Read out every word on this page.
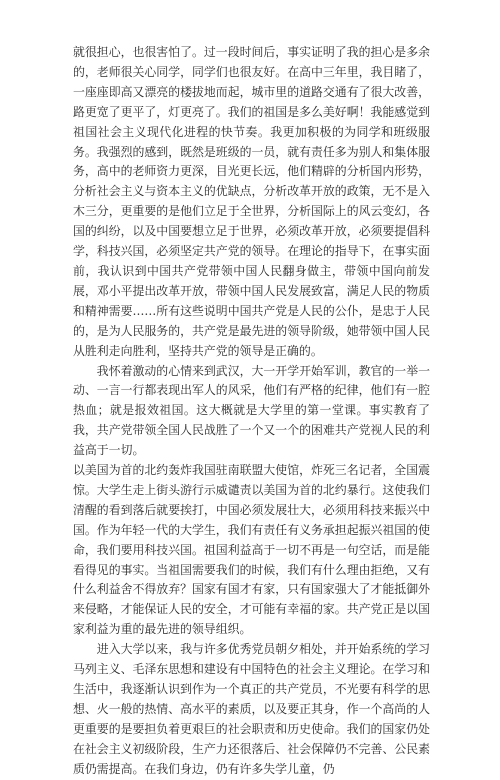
就很担心，也很害怕了。过一段时间后，事实证明了我的担心是多余的，老师很关心同学，同学们也很友好。在高中三年里，我目睹了，一座座即高又漂亮的楼拔地而起，城市里的道路交通有了很大改善，路更宽了更平了，灯更亮了。我们的祖国是多么美好啊！我能感觉到祖国社会主义现代化进程的快节奏。我更加积极的为同学和班级服务。我强烈的感到，既然是班级的一员，就有责任多为别人和集体服务，高中的老师资力更深，目光更长远，他们精辟的分析国内形势，分析社会主义与资本主义的优缺点，分析改革开放的政策，无不是入木三分，更重要的是他们立足于全世界，分析国际上的风云变幻，各国的纠纷，以及中国要想立足于世界，必须改革开放，必须要提倡科学，科技兴国，必须坚定共产党的领导。在理论的指导下，在事实面前，我认识到中国共产党带领中国人民翻身做主，带领中国向前发展，邓小平提出改革开放，带领中国人民发展致富，满足人民的物质和精神需要……所有这些说明中国共产党是人民的公仆，是忠于人民的，是为人民服务的，共产党是最先进的领导阶级，她带领中国人民从胜利走向胜利，坚持共产党的领导是正确的。

我怀着激动的心情来到武汉，大一开学开始军训，教官的一举一动、一言一行都表现出军人的风采，他们有严格的纪律，他们有一腔热血；就是报效祖国。这大概就是大学里的第一堂课。事实教育了我，共产党带领全国人民战胜了一个又一个的困难共产党视人民的利益高于一切。

以美国为首的北约轰炸我国驻南联盟大使馆，炸死三名记者，全国震惊。大学生走上街头游行示威谴责以美国为首的北约暴行。这使我们清醒的看到落后就要挨打，中国必须发展壮大，必须用科技来振兴中国。作为年轻一代的大学生，我们有责任有义务承担起振兴祖国的使命，我们要用科技兴国。祖国利益高于一切不再是一句空话，而是能看得见的事实。当祖国需要我们的时候，我们有什么理由拒绝，又有什么利益舍不得放弃？国家有国才有家，只有国家强大了才能抵御外来侵略，才能保证人民的安全，才可能有幸福的家。共产党正是以国家利益为重的最先进的领导组织。

进入大学以来，我与许多优秀党员朝夕相处，并开始系统的学习马列主义、毛泽东思想和建设有中国特色的社会主义理论。在学习和生活中，我逐渐认识到作为一个真正的共产党员，不光要有科学的思想、火一般的热情、高水平的素质，以及要正其身，作一个高尚的人更重要的是要担负着更艰巨的社会职责和历史使命。我们的国家仍处在社会主义初级阶段，生产力还很落后、社会保障仍不完善、公民素质仍需提高。在我们身边，仍有许多失学儿童，仍
